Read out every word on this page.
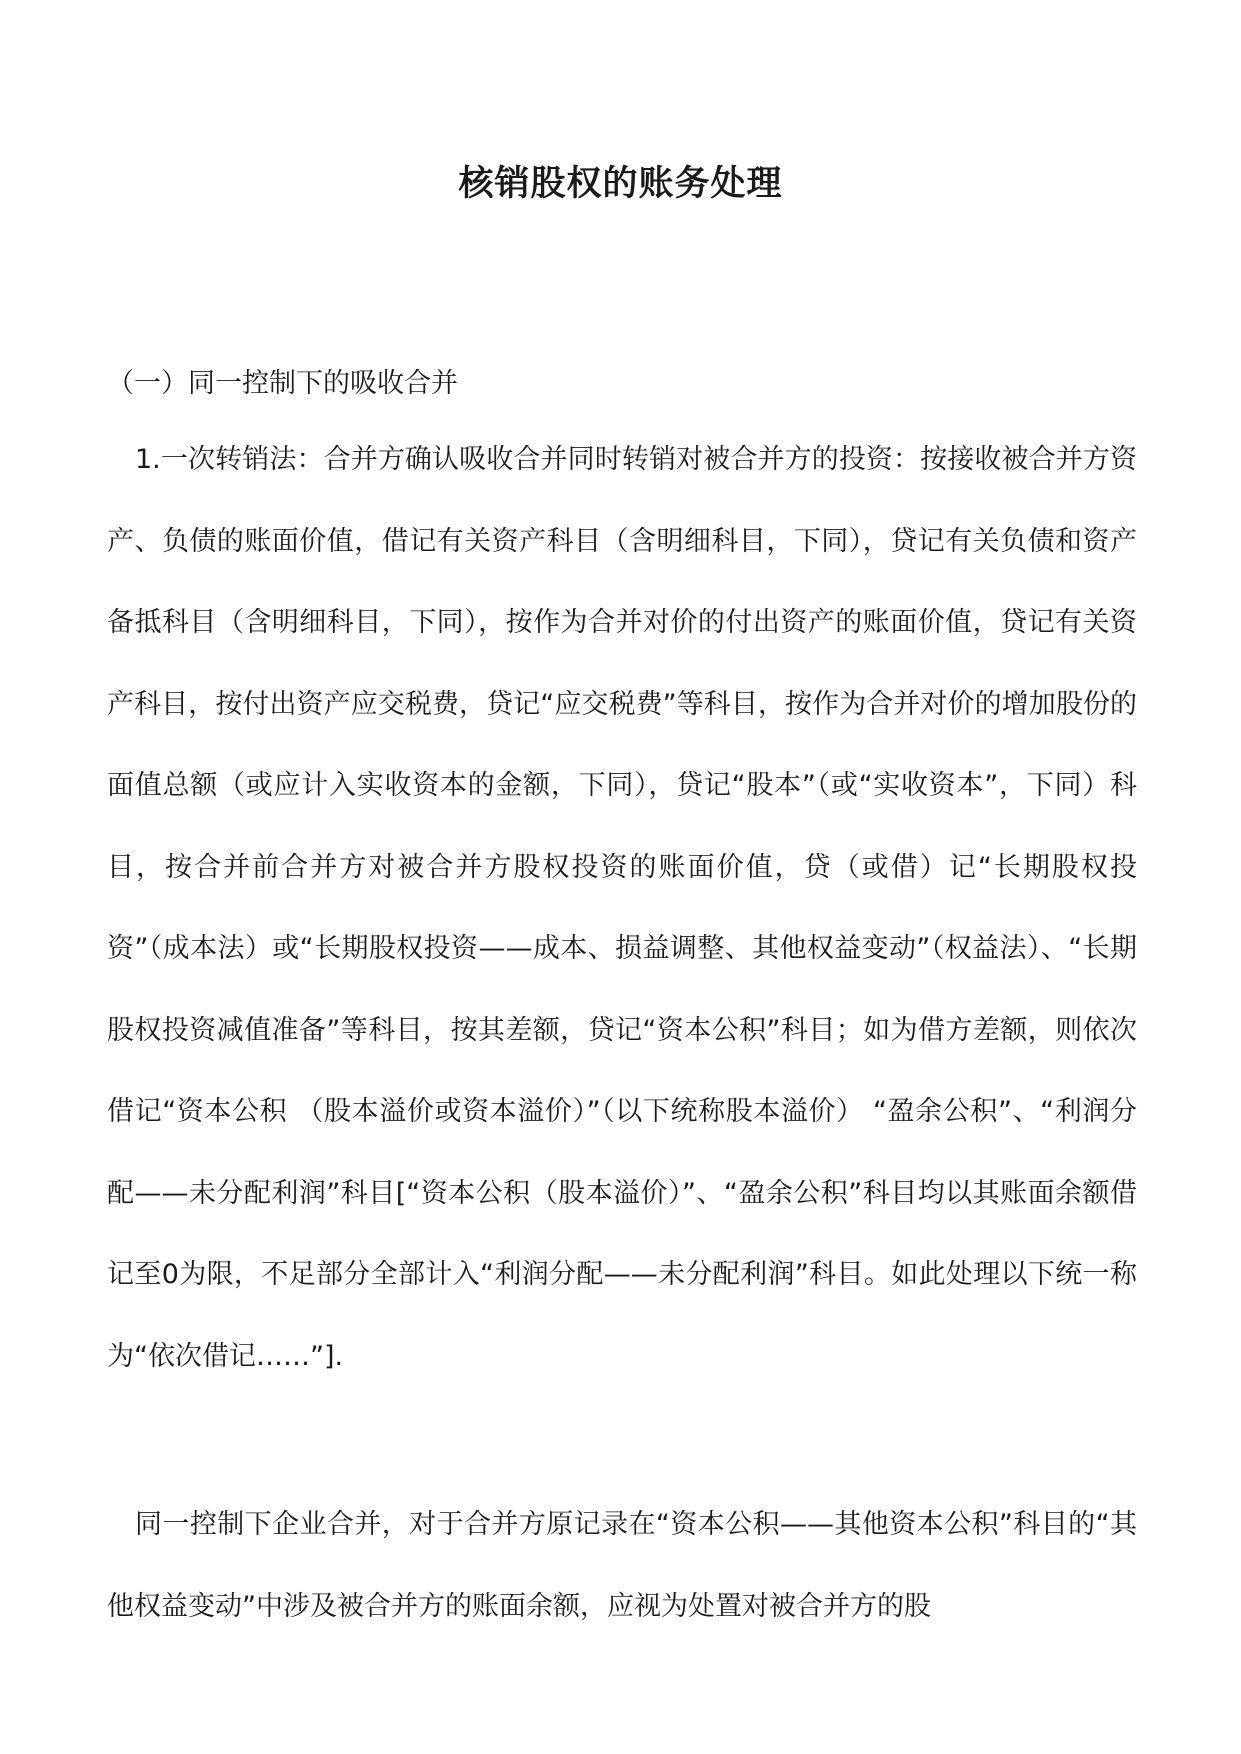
核销股权的账务处理

（一）同一控制下的吸收合并

1.一次转销法：合并方确认吸收合并同时转销对被合并方的投资：按接收被合并方资产、负债的账面价值，借记有关资产科目（含明细科目，下同），贷记有关负债和资产备抵科目（含明细科目，下同），按作为合并对价的付出资产的账面价值，贷记有关资产科目，按付出资产应交税费，贷记“应交税费”等科目，按作为合并对价的增加股份的面值总额（或应计入实收资本的金额，下同），贷记“股本”（或“实收资本”，下同）科目，按合并前合并方对被合并方股权投资的账面价值，贷（或借）记“长期股权投资”（成本法）或“长期股权投资——成本、损益调整、其他权益变动”（权益法）、“长期股权投资减值准备”等科目，按其差额，贷记“资本公积”科目；如为借方差额，则依次借记“资本公积 （股本溢价或资本溢价）”（以下统称股本溢价） “盈余公积”、“利润分配——未分配利润”科目[“资本公积（股本溢价）”、“盈余公积”科目均以其账面余额借记至0为限，不足部分全部计入“利润分配——未分配利润”科目。如此处理以下统一称为“依次借记……”].

同一控制下企业合并，对于合并方原记录在“资本公积——其他资本公积”科目的“其他权益变动”中涉及被合并方的账面余额，应视为处置对被合并方的股
